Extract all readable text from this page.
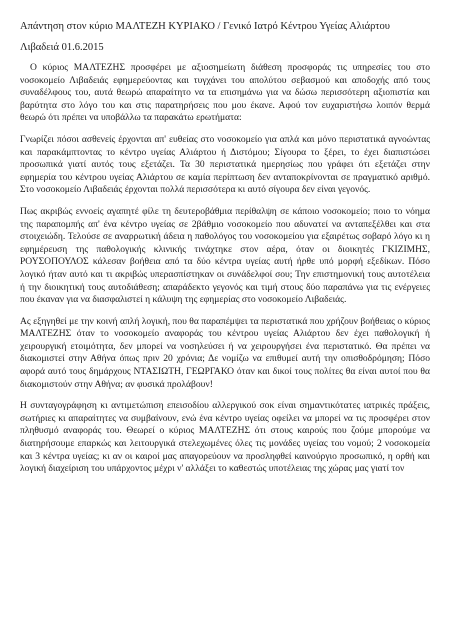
Απάντηση στον κύριο ΜΑΛΤΕΖΗ ΚΥΡΙΑΚΟ / Γενικό Ιατρό Κέντρου Υγείας Αλιάρτου
Λιβαδειά 01.6.2015

Ο κύριος ΜΑΛΤΕΖΗΣ προσφέρει με αξιοσημείωτη διάθεση προσφοράς τις υπηρεσίες του στο νοσοκομείο Λιβαδειάς εφημερεύοντας και τυγχάνει του απολύτου σεβασμού και αποδοχής από τους συναδέλφους του, αυτά θεωρώ απαραίτητο να τα επισημάνω για να δώσω περισσότερη αξιοπιστία και βαρύτητα στο λόγο του και στις παρατηρήσεις που μου έκανε. Αφού τον ευχαριστήσω λοιπόν θερμά θεωρώ ότι πρέπει να υποβάλλω τα παρακάτω ερωτήματα:

Γνωρίζει πόσοι ασθενείς έρχονται απ' ευθείας στο νοσοκομείο για απλά και μόνο περιστατικά αγνοώντας και παρακάμπτοντας το κέντρο υγείας Αλιάρτου ή Διστόμου; Σίγουρα το ξέρει, το έχει διαπιστώσει προσωπικά γιατί αυτός τους εξετάζει. Τα 30 περιστατικά ημερησίως που γράφει ότι εξετάζει στην εφημερία του κέντρου υγείας Αλιάρτου σε καμία περίπτωση δεν ανταποκρίνονται σε πραγματικό αριθμό. Στο νοσοκομείο Λιβαδειάς έρχονται πολλά περισσότερα κι αυτό σίγουρα δεν είναι γεγονός.

Πως ακριβώς εννοείς αγαπητέ φίλε τη δευτεροβάθμια περίθαλψη σε κάποιο νοσοκομείο; ποιο το νόημα της παραπομπής απ' ένα κέντρο υγείας σε 2βάθμιο νοσοκομείο που αδυνατεί να ανταπεξέλθει και στα στοιχειώδη. Τελούσε σε αναρρωτική άδεια η παθολόγος του νοσοκομείου για εξαιρέτως σοβαρό λόγο κι η εφημέρευση της παθολογικής κλινικής τινάχτηκε στον αέρα, όταν οι διοικητές ΓΚΙΖΙΜΗΣ, ΡΟΥΣΟΠΟΥΛΟΣ κάλεσαν βοήθεια από τα δύο κέντρα υγείας αυτή ήρθε υπό μορφή εξεδίκων. Πόσο λογικό ήταν αυτό και τι ακριβώς υπερασπίστηκαν οι συνάδελφοί σου; Την επιστημονική τους αυτοτέλεια ή την διοικητική τους αυτοδιάθεση; απαράδεκτο γεγονός και τιμή στους δύο παραπάνω για τις ενέργειες που έκαναν για να διασφαλιστεί η κάλυψη της εφημερίας στο νοσοκομείο Λιβαδειάς.

Ας εξηγηθεί με την κοινή απλή λογική, που θα παραπέμψει τα περιστατικά που χρήζουν βοήθειας ο κύριος ΜΑΛΤΕΖΗΣ όταν το νοσοκομείο αναφοράς του κέντρου υγείας Αλιάρτου δεν έχει παθολογική ή χειρουργική ετοιμότητα, δεν μπορεί να νοσηλεύσει ή να χειρουργήσει ένα περιστατικό. Θα πρέπει να διακομιστεί στην Αθήνα όπως πριν 20 χρόνια; Δε νομίζω να επιθυμεί αυτή την οπισθοδρόμηση; Πόσο αφορά αυτό τους δημάρχους ΝΤΑΣΙΩΤΗ, ΓΕΩΡΓΑΚΟ όταν και δικοί τους πολίτες θα είναι αυτοί που θα διακομιστούν στην Αθήνα; αν φυσικά προλάβουν!

Η συνταγογράφηση κι αντιμετώπιση επεισοδίου αλλεργικού σοκ είναι σημαντικότατες ιατρικές πράξεις, σωτήριες κι απαραίτητες να συμβαίνουν, ενώ ένα κέντρο υγείας οφείλει να μπορεί να τις προσφέρει στον πληθυσμό αναφοράς του. Θεωρεί ο κύριος ΜΑΛΤΕΖΗΣ ότι στους καιρούς που ζούμε μπορούμε να διατηρήσουμε επαρκώς και λειτουργικά στελεχωμένες όλες τις μονάδες υγείας του νομού; 2 νοσοκομεία και 3 κέντρα υγείας; κι αν οι καιροί μας απαγορεύουν να προσληφθεί καινούργιο προσωπικό, η ορθή και λογική διαχείριση του υπάρχοντος μέχρι ν' αλλάξει το καθεστώς υποτέλειας της χώρας μας γιατί τον
